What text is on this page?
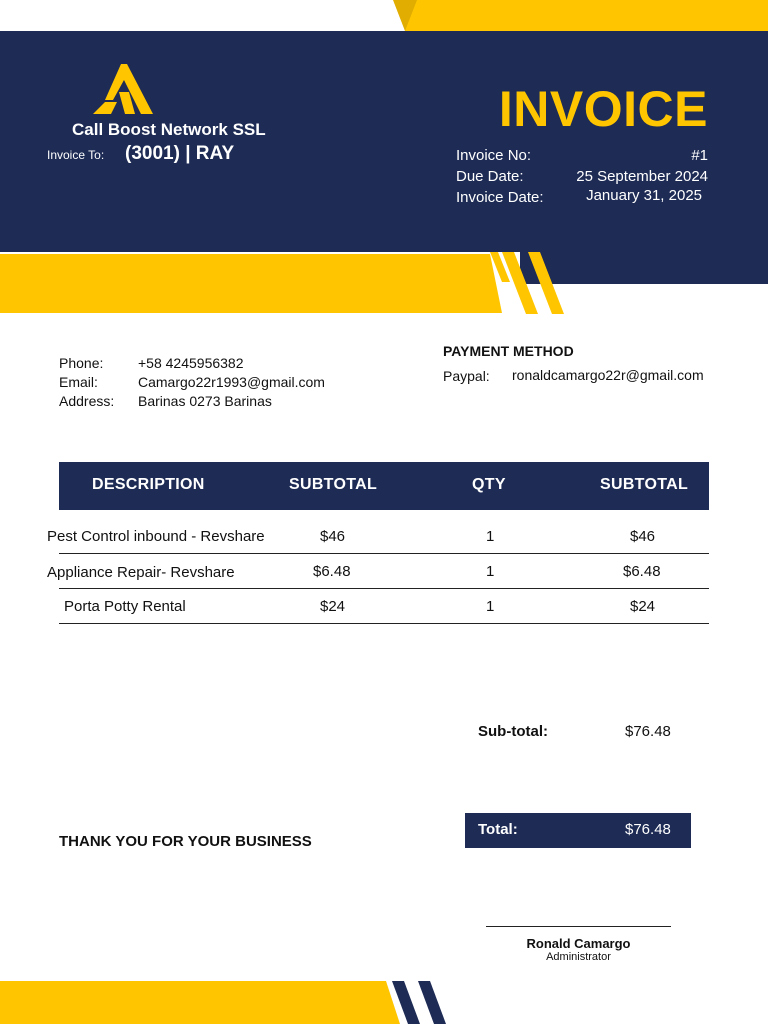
Call Boost Network SSL
Invoice To: (3001) | RAY
INVOICE
Invoice No:	#1
Due Date:	25 September 2024
Invoice Date:	January 31, 2025
Phone: +58 4245956382
Email:	Camargo22r1993@gmail.com
Address: Barinas 0273 Barinas
PAYMENT METHOD
Paypal: ronaldcamargo22r@gmail.com
DESCRIPTION	SUBTOTAL	QTY	SUBTOTAL
Pest Control inbound - Revshare	$46	1	$46
Appliance Repair- Revshare	$6.48	1	$6.48
Porta Potty Rental	$24	1	$24
Sub-total:	$76.48
Total:	$76.48
THANK YOU FOR YOUR BUSINESS
Ronald Camargo
Administrator
